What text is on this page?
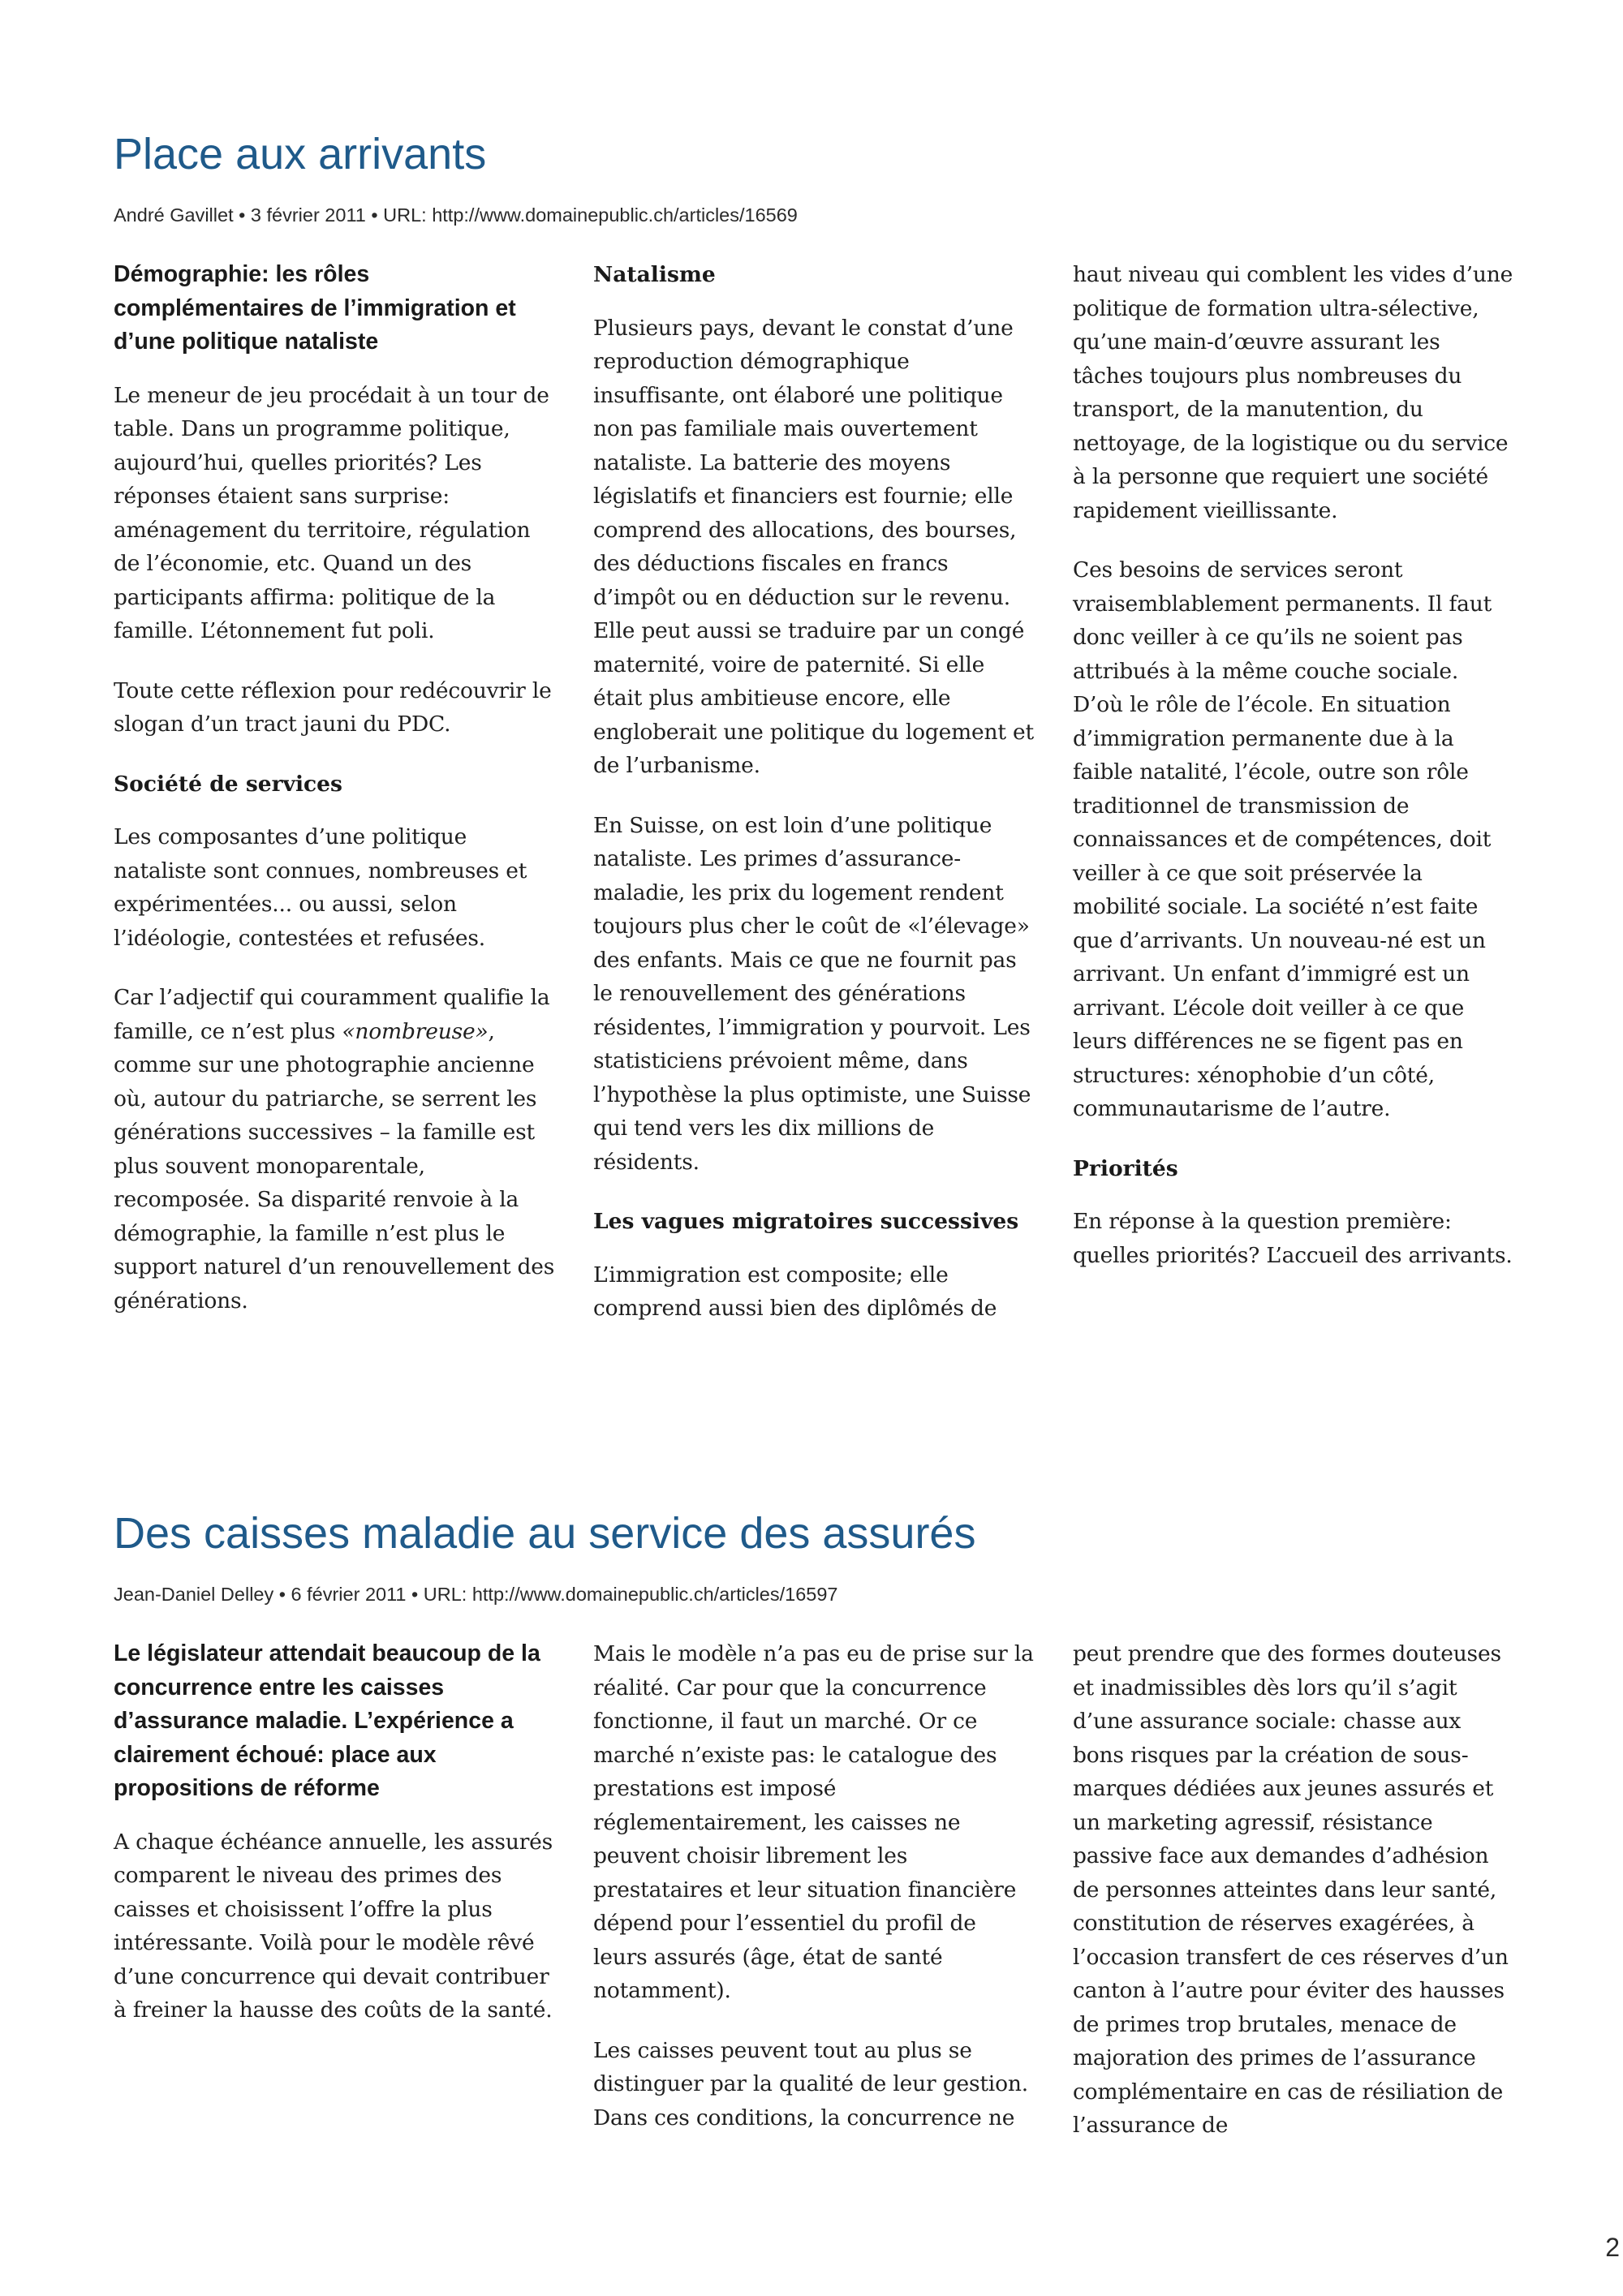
Place aux arrivants
André Gavillet • 3 février 2011 • URL: http://www.domainepublic.ch/articles/16569

Démographie: les rôles complémentaires de l’immigration et d’une politique nataliste

Le meneur de jeu procédait à un tour de table. Dans un programme politique, aujourd’hui, quelles priorités? Les réponses étaient sans surprise: aménagement du territoire, régulation de l’économie, etc. Quand un des participants affirma: politique de la famille. L’étonnement fut poli.

Toute cette réflexion pour redécouvrir le slogan d’un tract jauni du PDC.

Société de services

Les composantes d’une politique nataliste sont connues, nombreuses et expérimentées... ou aussi, selon l’idéologie, contestées et refusées.

Car l’adjectif qui couramment qualifie la famille, ce n’est plus «nombreuse», comme sur une photographie ancienne où, autour du patriarche, se serrent les générations successives – la famille est plus souvent monoparentale, recomposée. Sa disparité renvoie à la démographie, la famille n’est plus le support naturel d’un renouvellement des générations.

Natalisme

Plusieurs pays, devant le constat d’une reproduction démographique insuffisante, ont élaboré une politique non pas familiale mais ouvertement nataliste. La batterie des moyens législatifs et financiers est fournie; elle comprend des allocations, des bourses, des déductions fiscales en francs d’impôt ou en déduction sur le revenu. Elle peut aussi se traduire par un congé maternité, voire de paternité. Si elle était plus ambitieuse encore, elle engloberait une politique du logement et de l’urbanisme.

En Suisse, on est loin d’une politique nataliste. Les primes d’assurance-maladie, les prix du logement rendent toujours plus cher le coût de «l’élevage» des enfants. Mais ce que ne fournit pas le renouvellement des générations résidentes, l’immigration y pourvoit. Les statisticiens prévoient même, dans l’hypothèse la plus optimiste, une Suisse qui tend vers les dix millions de résidents.

Les vagues migratoires successives

L’immigration est composite; elle comprend aussi bien des diplômés de

haut niveau qui comblent les vides d’une politique de formation ultra-sélective, qu’une main-d’œuvre assurant les tâches toujours plus nombreuses du transport, de la manutention, du nettoyage, de la logistique ou du service à la personne que requiert une société rapidement vieillissante.

Ces besoins de services seront vraisemblablement permanents. Il faut donc veiller à ce qu’ils ne soient pas attribués à la même couche sociale. D’où le rôle de l’école. En situation d’immigration permanente due à la faible natalité, l’école, outre son rôle traditionnel de transmission de connaissances et de compétences, doit veiller à ce que soit préservée la mobilité sociale. La société n’est faite que d’arrivants. Un nouveau-né est un arrivant. Un enfant d’immigré est un arrivant. L’école doit veiller à ce que leurs différences ne se figent pas en structures: xénophobie d’un côté, communautarisme de l’autre.

Priorités

En réponse à la question première: quelles priorités? L’accueil des arrivants.

Des caisses maladie au service des assurés
Jean-Daniel Delley • 6 février 2011 • URL: http://www.domainepublic.ch/articles/16597

Le législateur attendait beaucoup de la concurrence entre les caisses d’assurance maladie. L’expérience a clairement échoué: place aux propositions de réforme

A chaque échéance annuelle, les assurés comparent le niveau des primes des caisses et choisissent l’offre la plus intéressante. Voilà pour le modèle rêvé d’une concurrence qui devait contribuer à freiner la hausse des coûts de la santé.

Mais le modèle n’a pas eu de prise sur la réalité. Car pour que la concurrence fonctionne, il faut un marché. Or ce marché n’existe pas: le catalogue des prestations est imposé réglementairement, les caisses ne peuvent choisir librement les prestataires et leur situation financière dépend pour l’essentiel du profil de leurs assurés (âge, état de santé notamment).

Les caisses peuvent tout au plus se distinguer par la qualité de leur gestion. Dans ces conditions, la concurrence ne

peut prendre que des formes douteuses et inadmissibles dès lors qu’il s’agit d’une assurance sociale: chasse aux bons risques par la création de sous-marques dédiées aux jeunes assurés et un marketing agressif, résistance passive face aux demandes d’adhésion de personnes atteintes dans leur santé, constitution de réserves exagérées, à l’occasion transfert de ces réserves d’un canton à l’autre pour éviter des hausses de primes trop brutales, menace de majoration des primes de l’assurance complémentaire en cas de résiliation de l’assurance de

2
